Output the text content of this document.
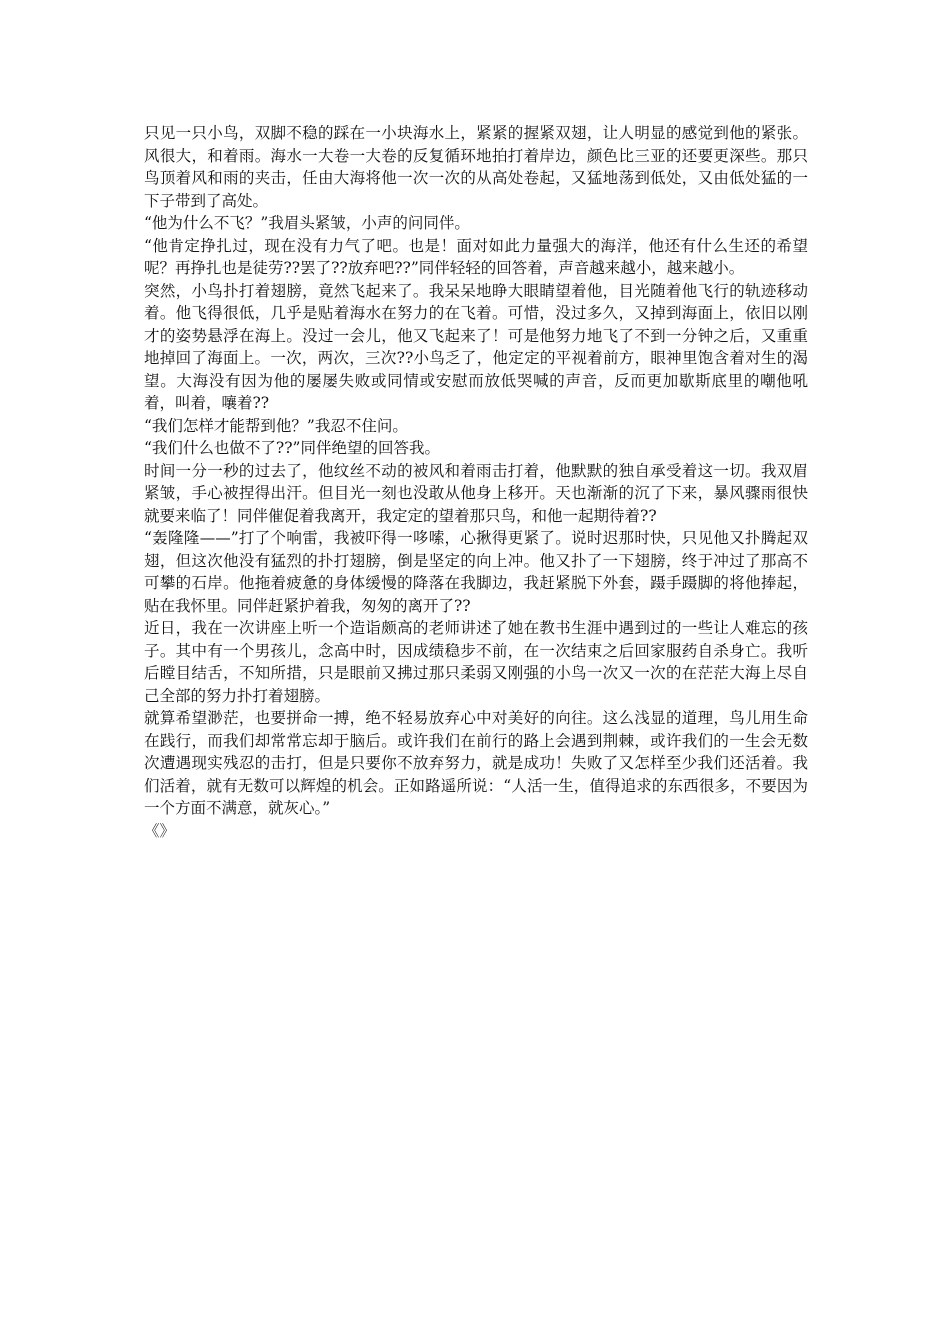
只见一只小鸟，双脚不稳的踩在一小块海水上，紧紧的握紧双翅，让人明显的感觉到他的紧张。风很大，和着雨。海水一大卷一大卷的反复循环地拍打着岸边，颜色比三亚的还要更深些。那只鸟顶着风和雨的夹击，任由大海将他一次一次的从高处卷起，又猛地荡到低处，又由低处猛的一下子带到了高处。

“他为什么不飞？”我眉头紧皱，小声的问同伴。

“他肯定挣扎过，现在没有力气了吧。也是！面对如此力量强大的海洋，他还有什么生还的希望呢？再挣扎也是徒劳??罢了??放弃吧??”同伴轻轻的回答着，声音越来越小，越来越小。

突然，小鸟扑打着翅膀，竟然飞起来了。我呆呆地睁大眼睛望着他，目光随着他飞行的轨迹移动着。他飞得很低，几乎是贴着海水在努力的在飞着。可惜，没过多久，又掉到海面上，依旧以刚才的姿势悬浮在海上。没过一会儿，他又飞起来了！可是他努力地飞了不到一分钟之后，又重重地掉回了海面上。一次，两次，三次??小鸟乏了，他定定的平视着前方，眼神里饱含着对生的渴望。大海没有因为他的屡屡失败或同情或安慰而放低哭喊的声音，反而更加歇斯底里的嘲他吼着，叫着，嚷着??

“我们怎样才能帮到他？”我忍不住问。

“我们什么也做不了??”同伴绝望的回答我。

时间一分一秒的过去了，他纹丝不动的被风和着雨击打着，他默默的独自承受着这一切。我双眉紧皱，手心被捏得出汗。但目光一刻也没敢从他身上移开。天也渐渐的沉了下来，暴风骤雨很快就要来临了！同伴催促着我离开，我定定的望着那只鸟，和他一起期待着??

“轰隆隆——”打了个响雷，我被吓得一哆嗦，心揪得更紧了。说时迟那时快，只见他又扑腾起双翅，但这次他没有猛烈的扑打翅膀，倒是坚定的向上冲。他又扑了一下翅膀，终于冲过了那高不可攀的石岸。他拖着疲惫的身体缓慢的降落在我脚边，我赶紧脱下外套，蹑手蹑脚的将他捧起，贴在我怀里。同伴赶紧护着我，匆匆的离开了??

近日，我在一次讲座上听一个造诣颇高的老师讲述了她在教书生涯中遇到过的一些让人难忘的孩子。其中有一个男孩儿，念高中时，因成绩稳步不前，在一次结束之后回家服药自杀身亡。我听后瞠目结舌，不知所措，只是眼前又拂过那只柔弱又刚强的小鸟一次又一次的在茫茫大海上尽自己全部的努力扑打着翅膀。

就算希望渺茫，也要拼命一搏，绝不轻易放弃心中对美好的向往。这么浅显的道理，鸟儿用生命在践行，而我们却常常忘却于脑后。或许我们在前行的路上会遇到荆棘，或许我们的一生会无数次遭遇现实残忍的击打，但是只要你不放弃努力，就是成功！失败了又怎样至少我们还活着。我们活着，就有无数可以辉煌的机会。正如路遥所说：“人活一生，值得追求的东西很多，不要因为一个方面不满意，就灰心。”

《》
